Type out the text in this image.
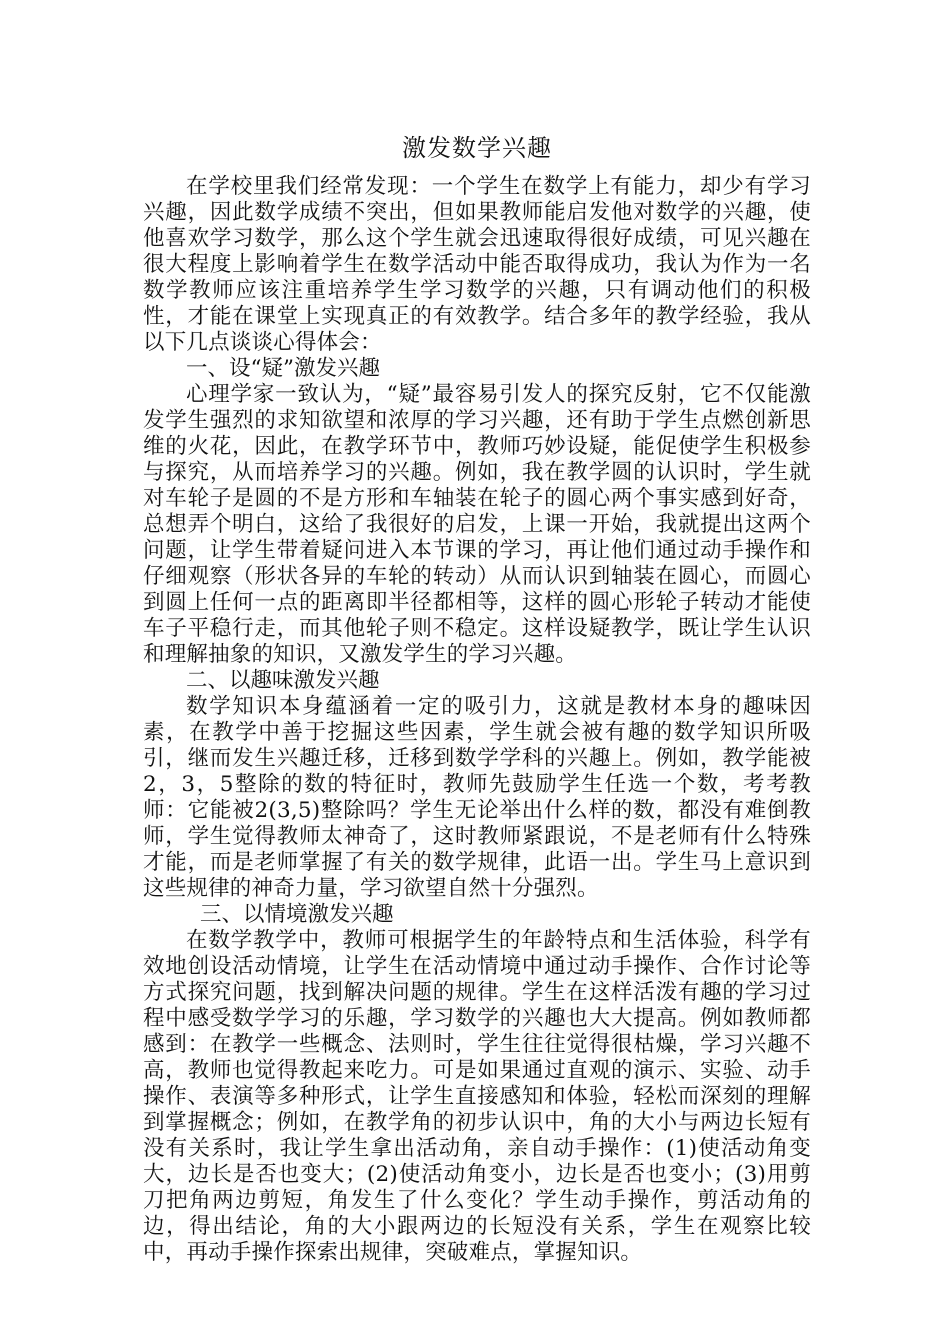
激发数学兴趣

在学校里我们经常发现：一个学生在数学上有能力，却少有学习兴趣，因此数学成绩不突出，但如果教师能启发他对数学的兴趣，使他喜欢学习数学，那么这个学生就会迅速取得很好成绩，可见兴趣在很大程度上影响着学生在数学活动中能否取得成功，我认为作为一名数学教师应该注重培养学生学习数学的兴趣，只有调动他们的积极性，才能在课堂上实现真正的有效教学。结合多年的教学经验，我从以下几点谈谈心得体会：

一、设“疑”激发兴趣

心理学家一致认为，“疑”最容易引发人的探究反射，它不仅能激发学生强烈的求知欲望和浓厚的学习兴趣，还有助于学生点燃创新思维的火花，因此，在教学环节中，教师巧妙设疑，能促使学生积极参与探究，从而培养学习的兴趣。例如，我在教学圆的认识时，学生就对车轮子是圆的不是方形和车轴装在轮子的圆心两个事实感到好奇，总想弄个明白，这给了我很好的启发，上课一开始，我就提出这两个问题，让学生带着疑问进入本节课的学习，再让他们通过动手操作和仔细观察（形状各异的车轮的转动）从而认识到轴装在圆心，而圆心到圆上任何一点的距离即半径都相等，这样的圆心形轮子转动才能使车子平稳行走，而其他轮子则不稳定。这样设疑教学，既让学生认识和理解抽象的知识，又激发学生的学习兴趣。

二、以趣味激发兴趣

数学知识本身蕴涵着一定的吸引力，这就是教材本身的趣味因素，在教学中善于挖掘这些因素，学生就会被有趣的数学知识所吸引，继而发生兴趣迁移，迁移到数学学科的兴趣上。例如，教学能被2，3，5整除的数的特征时，教师先鼓励学生任选一个数，考考教师：它能被2(3,5)整除吗？学生无论举出什么样的数，都没有难倒教师，学生觉得教师太神奇了，这时教师紧跟说，不是老师有什么特殊才能，而是老师掌握了有关的数学规律，此语一出。学生马上意识到这些规律的神奇力量，学习欲望自然十分强烈。

三、以情境激发兴趣

在数学教学中，教师可根据学生的年龄特点和生活体验，科学有效地创设活动情境，让学生在活动情境中通过动手操作、合作讨论等方式探究问题，找到解决问题的规律。学生在这样活泼有趣的学习过程中感受数学学习的乐趣，学习数学的兴趣也大大提高。例如教师都感到：在教学一些概念、法则时，学生往往觉得很枯燥，学习兴趣不高，教师也觉得教起来吃力。可是如果通过直观的演示、实验、动手操作、表演等多种形式，让学生直接感知和体验，轻松而深刻的理解到掌握概念；例如，在教学角的初步认识中，角的大小与两边长短有没有关系时，我让学生拿出活动角，亲自动手操作：(1)使活动角变大，边长是否也变大；(2)使活动角变小，边长是否也变小；(3)用剪刀把角两边剪短，角发生了什么变化？学生动手操作，剪活动角的边，得出结论，角的大小跟两边的长短没有关系，学生在观察比较中，再动手操作探索出规律，突破难点，掌握知识。
